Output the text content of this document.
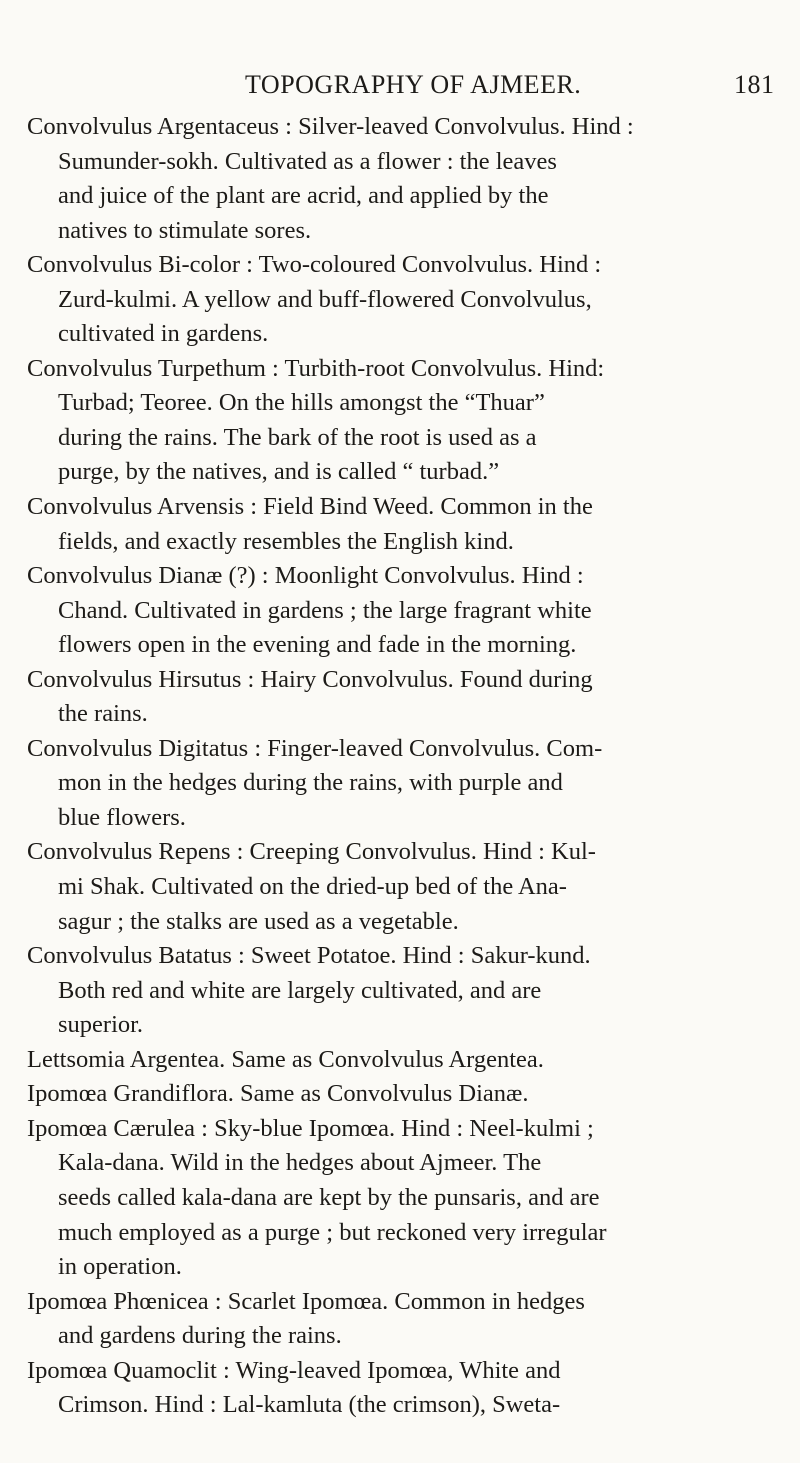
TOPOGRAPHY OF AJMEER.	181
Convolvulus Argentaceus : Silver-leaved Convolvulus. Hind :
Sumunder-sokh. Cultivated as a flower : the leaves
and juice of the plant are acrid, and applied by the
natives to stimulate sores.
Convolvulus Bi-color : Two-coloured Convolvulus. Hind :
Zurd-kulmi. A yellow and buff-flowered Convolvulus,
cultivated in gardens.
Convolvulus Turpethum : Turbith-root Convolvulus. Hind:
Turbad; Teoree. On the hills amongst the “Thuar”
during the rains. The bark of the root is used as a
purge, by the natives, and is called “ turbad.”
Convolvulus Arvensis : Field Bind Weed. Common in the
fields, and exactly resembles the English kind.
Convolvulus Dianæ (?) : Moonlight Convolvulus. Hind :
Chand. Cultivated in gardens ; the large fragrant white
flowers open in the evening and fade in the morning.
Convolvulus Hirsutus : Hairy Convolvulus. Found during
the rains.
Convolvulus Digitatus : Finger-leaved Convolvulus. Com-
mon in the hedges during the rains, with purple and
blue flowers.
Convolvulus Repens : Creeping Convolvulus. Hind : Kul-
mi Shak. Cultivated on the dried-up bed of the Ana-
sagur ; the stalks are used as a vegetable.
Convolvulus Batatus : Sweet Potatoe. Hind : Sakur-kund.
Both red and white are largely cultivated, and are
superior.
Lettsomia Argentea. Same as Convolvulus Argentea.
Ipomœa Grandiflora. Same as Convolvulus Dianæ.
Ipomœa Cærulea : Sky-blue Ipomœa. Hind : Neel-kulmi ;
Kala-dana. Wild in the hedges about Ajmeer. The
seeds called kala-dana are kept by the punsaris, and are
much employed as a purge ; but reckoned very irregular
in operation.
Ipomœa Phœnicea : Scarlet Ipomœa. Common in hedges
and gardens during the rains.
Ipomœa Quamoclit : Wing-leaved Ipomœa, White and
Crimson. Hind : Lal-kamluta (the crimson), Sweta-
